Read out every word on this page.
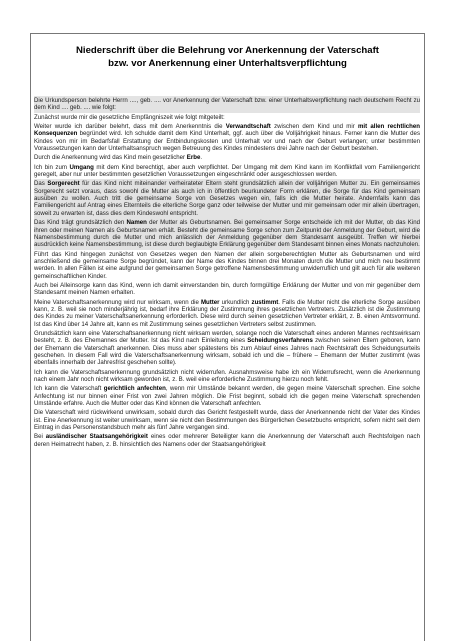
Niederschrift über die Belehrung vor Anerkennung der Vaterschaft
bzw. vor Anerkennung einer Unterhaltsverpflichtung

Die Urkundsperson belehrte Herrn ...., geb. .... vor Anerkennung der Vaterschaft bzw. einer Unterhaltsverpflichtung nach deutschem Recht zu dem Kind .... geb. .... wie folgt:

Zunächst wurde mir die gesetzliche Empfängniszeit wie folgt mitgeteilt:

Weiter wurde ich darüber belehrt, dass mit dem Anerkenntnis die Verwandtschaft zwischen dem Kind und mir mit allen rechtlichen Konsequenzen begründet wird. Ich schulde damit dem Kind Unterhalt, ggf. auch über die Volljährigkeit hinaus. Ferner kann die Mutter des Kindes von mir im Bedarfsfall Erstattung der Entbindungskosten und Unterhalt vor und nach der Geburt verlangen; unter bestimmten Voraussetzungen kann der Unterhaltsanspruch wegen Betreuung des Kindes mindestens drei Jahre nach der Geburt bestehen.

Durch die Anerkennung wird das Kind mein gesetzlicher Erbe.

Ich bin zum Umgang mit dem Kind berechtigt, aber auch verpflichtet. Der Umgang mit dem Kind kann im Konfliktfall vom Familiengericht geregelt, aber nur unter bestimmten gesetzlichen Voraussetzungen eingeschränkt oder ausgeschlossen werden.

Das Sorgerecht für das Kind nicht miteinander verheirateter Eltern steht grundsätzlich allein der volljährigen Mutter zu. Ein gemeinsames Sorgerecht setzt voraus, dass sowohl die Mutter als auch ich in öffentlich beurkundeter Form erklären, die Sorge für das Kind gemeinsam ausüben zu wollen. Auch tritt die gemeinsame Sorge von Gesetzes wegen ein, falls ich die Mutter heirate. Andernfalls kann das Familiengericht auf Antrag eines Elternteils die elterliche Sorge ganz oder teilweise der Mutter und mir gemeinsam oder mir allein übertragen, soweit zu erwarten ist, dass dies dem Kindeswohl entspricht.

Das Kind trägt grundsätzlich den Namen der Mutter als Geburtsnamen. Bei gemeinsamer Sorge entscheide ich mit der Mutter, ob das Kind ihren oder meinen Namen als Geburtsnamen erhält. Besteht die gemeinsame Sorge schon zum Zeitpunkt der Anmeldung der Geburt, wird die Namensbestimmung durch die Mutter und mich anlässlich der Anmeldung gegenüber dem Standesamt ausgeübt. Treffen wir hierbei ausdrücklich keine Namensbestimmung, ist diese durch beglaubigte Erklärung gegenüber dem Standesamt binnen eines Monats nachzuholen.

Führt das Kind hingegen zunächst von Gesetzes wegen den Namen der allein sorgeberechtigten Mutter als Geburtsnamen und wird anschließend die gemeinsame Sorge begründet, kann der Name des Kindes binnen drei Monaten durch die Mutter und mich neu bestimmt werden. In allen Fällen ist eine aufgrund der gemeinsamen Sorge getroffene Namensbestimmung unwiderruflich und gilt auch für alle weiteren gemeinschaftlichen Kinder.

Auch bei Alleinsorge kann das Kind, wenn ich damit einverstanden bin, durch formgültige Erklärung der Mutter und von mir gegenüber dem Standesamt meinen Namen erhalten.

Meine Vaterschaftsanerkennung wird nur wirksam, wenn die Mutter urkundlich zustimmt. Falls die Mutter nicht die elterliche Sorge ausüben kann, z. B. weil sie noch minderjährig ist, bedarf ihre Erklärung der Zustimmung ihres gesetzlichen Vertreters. Zusätzlich ist die Zustimmung des Kindes zu meiner Vaterschaftsanerkennung erforderlich. Diese wird durch seinen gesetzlichen Vertreter erklärt, z. B. einen Amtsvormund. Ist das Kind über 14 Jahre alt, kann es mit Zustimmung seines gesetzlichen Vertreters selbst zustimmen.

Grundsätzlich kann eine Vaterschaftsanerkennung nicht wirksam werden, solange noch die Vaterschaft eines anderen Mannes rechtswirksam besteht, z. B. des Ehemannes der Mutter. Ist das Kind nach Einleitung eines Scheidungsverfahrens zwischen seinen Eltern geboren, kann der Ehemann die Vaterschaft anerkennen. Dies muss aber spätestens bis zum Ablauf eines Jahres nach Rechtskraft des Scheidungsurteils geschehen. In diesem Fall wird die Vaterschaftsanerkennung wirksam, sobald ich und die – frühere – Ehemann der Mutter zustimmt (was ebenfalls innerhalb der Jahresfrist geschehen sollte).

Ich kann die Vaterschaftsanerkennung grundsätzlich nicht widerrufen. Ausnahmsweise habe ich ein Widerrufsrecht, wenn die Anerkennung nach einem Jahr noch nicht wirksam geworden ist, z. B. weil eine erforderliche Zustimmung hierzu noch fehlt.

Ich kann die Vaterschaft gerichtlich anfechten, wenn mir Umstände bekannt werden, die gegen meine Vaterschaft sprechen. Eine solche Anfechtung ist nur binnen einer Frist von zwei Jahren möglich. Die Frist beginnt, sobald ich die gegen meine Vaterschaft sprechenden Umstände erfahre. Auch die Mutter oder das Kind können die Vaterschaft anfechten.

Die Vaterschaft wird rückwirkend unwirksam, sobald durch das Gericht festgestellt wurde, dass der Anerkennende nicht der Vater des Kindes ist. Eine Anerkennung ist weiter unwirksam, wenn sie nicht den Bestimmungen des Bürgerlichen Gesetzbuchs entspricht, sofern nicht seit dem Eintrag in das Personenstandsbuch mehr als fünf Jahre vergangen sind.

Bei ausländischer Staatsangehörigkeit eines oder mehrerer Beteiligter kann die Anerkennung der Vaterschaft auch Rechtsfolgen nach deren Heimatrecht haben, z. B. hinsichtlich des Namens oder der Staatsangehörigkeit
